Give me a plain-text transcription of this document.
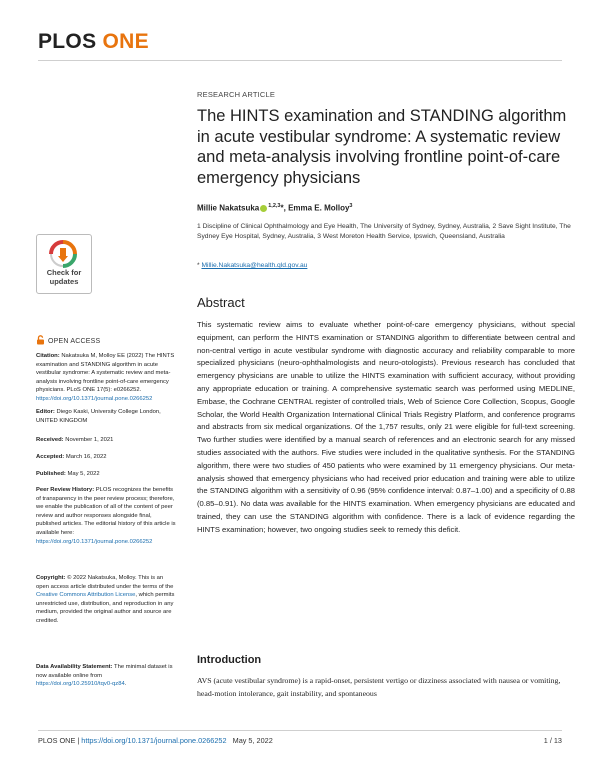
PLOS ONE
RESEARCH ARTICLE
The HINTS examination and STANDING algorithm in acute vestibular syndrome: A systematic review and meta-analysis involving frontline point-of-care emergency physicians
Millie Nakatsuka $^{1,2,3}$*, Emma E. Molloy$^3$
1 Discipline of Clinical Ophthalmology and Eye Health, The University of Sydney, Sydney, Australia, 2 Save Sight Institute, The Sydney Eye Hospital, Sydney, Australia, 3 West Moreton Health Service, Ipswich, Queensland, Australia
* Millie.Nakatsuka@health.qld.gov.au
Check for
updates
OPEN ACCESS
Citation: Nakatsuka M, Molloy EE (2022) The HINTS examination and STANDING algorithm in acute vestibular syndrome: A systematic review and meta-analysis involving frontline point-of-care emergency physicians. PLoS ONE 17(5): e0266252. https://doi.org/10.1371/journal.pone.0266252
Editor: Diego Kaski, University College London, UNITED KINGDOM
Received: November 1, 2021
Accepted: March 16, 2022
Published: May 5, 2022
Peer Review History: PLOS recognizes the benefits of transparency in the peer review process; therefore, we enable the publication of all of the content of peer review and author responses alongside final, published articles. The editorial history of this article is available here: https://doi.org/10.1371/journal.pone.0266252
Copyright: © 2022 Nakatsuka, Molloy. This is an open access article distributed under the terms of the Creative Commons Attribution License, which permits unrestricted use, distribution, and reproduction in any medium, provided the original author and source are credited.
Data Availability Statement: The minimal dataset is now available online from https://doi.org/10.25910/tqv0-qz84.
Abstract
This systematic review aims to evaluate whether point-of-care emergency physicians, without special equipment, can perform the HINTS examination or STANDING algorithm to differentiate between central and non-central vertigo in acute vestibular syndrome with diagnostic accuracy and reliability comparable to more specialized physicians (neuro-ophthalmologists and neuro-otologists). Previous research has concluded that emergency physicians are unable to utilize the HINTS examination with sufficient accuracy, without providing any appropriate education or training. A comprehensive systematic search was performed using MEDLINE, Embase, the Cochrane CENTRAL register of controlled trials, Web of Science Core Collection, Scopus, Google Scholar, the World Health Organization International Clinical Trials Registry Platform, and conference programs and abstracts from six medical organizations. Of the 1,757 results, only 21 were eligible for full-text screening. Two further studies were identified by a manual search of references and an electronic search for any missed studies associated with the authors. Five studies were included in the qualitative synthesis. For the STANDING algorithm, there were two studies of 450 patients who were examined by 11 emergency physicians. Our meta-analysis showed that emergency physicians who had received prior education and training were able to utilize the STANDING algorithm with a sensitivity of 0.96 (95% confidence interval: 0.87–1.00) and a specificity of 0.88 (0.85–0.91). No data was available for the HINTS examination. When emergency physicians are educated and trained, they can use the STANDING algorithm with confidence. There is a lack of evidence regarding the HINTS examination; however, two ongoing studies seek to remedy this deficit.
Introduction
AVS (acute vestibular syndrome) is a rapid-onset, persistent vertigo or dizziness associated with nausea or vomiting, head-motion intolerance, gait instability, and spontaneous
PLOS ONE | https://doi.org/10.1371/journal.pone.0266252 May 5, 2022	1 / 13
